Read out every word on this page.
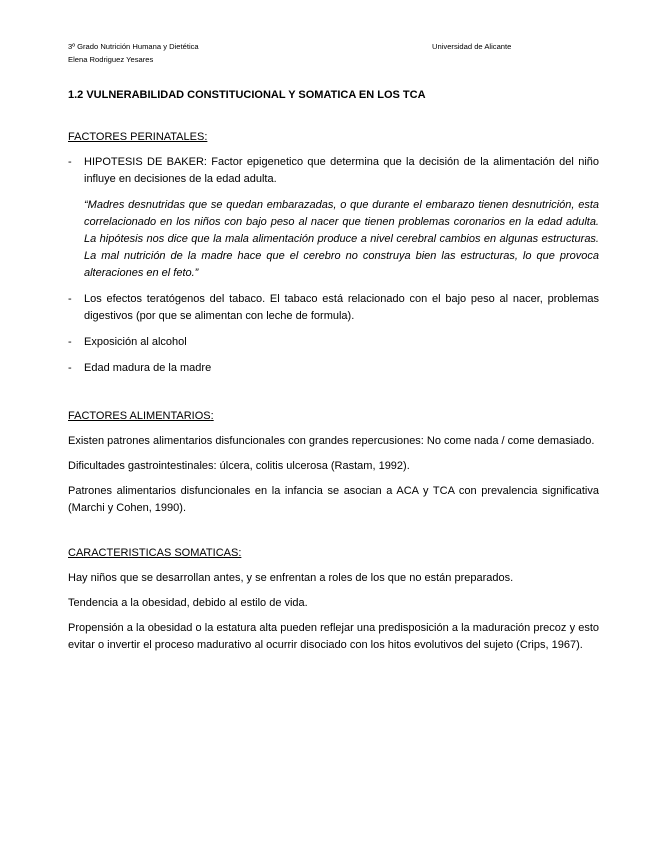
3º Grado Nutrición Humana y Dietética
Elena Rodriguez Yesares
Universidad de Alicante
1.2 VULNERABILIDAD CONSTITUCIONAL Y SOMATICA EN LOS TCA
FACTORES PERINATALES:
- HIPOTESIS DE BAKER: Factor epigenetico que determina que la decisión de la alimentación del niño influye en decisiones de la edad adulta.
“Madres desnutridas que se quedan embarazadas, o que durante el embarazo tienen desnutrición, esta correlacionado en los niños con bajo peso al nacer que tienen problemas coronarios en la edad adulta. La hipótesis nos dice que la mala alimentación produce a nivel cerebral cambios en algunas estructuras. La mal nutrición de la madre hace que el cerebro no construya bien las estructuras, lo que provoca alteraciones en el feto.”
- Los efectos teratógenos del tabaco. El tabaco está relacionado con el bajo peso al nacer, problemas digestivos (por que se alimentan con leche de formula).
- Exposición al alcohol
- Edad madura de la madre
FACTORES ALIMENTARIOS:
Existen patrones alimentarios disfuncionales con grandes repercusiones: No come nada / come demasiado.
Dificultades gastrointestinales: úlcera, colitis ulcerosa (Rastam, 1992).
Patrones alimentarios disfuncionales en la infancia se asocian a ACA y TCA con prevalencia significativa (Marchi y Cohen, 1990).
CARACTERISTICAS SOMATICAS:
Hay niños que se desarrollan antes, y se enfrentan a roles de los que no están preparados.
Tendencia a la obesidad, debido al estilo de vida.
Propensión a la obesidad o la estatura alta pueden reflejar una predisposición a la maduración precoz y esto evitar o invertir el proceso madurativo al ocurrir disociado con los hitos evolutivos del sujeto (Crips, 1967).
